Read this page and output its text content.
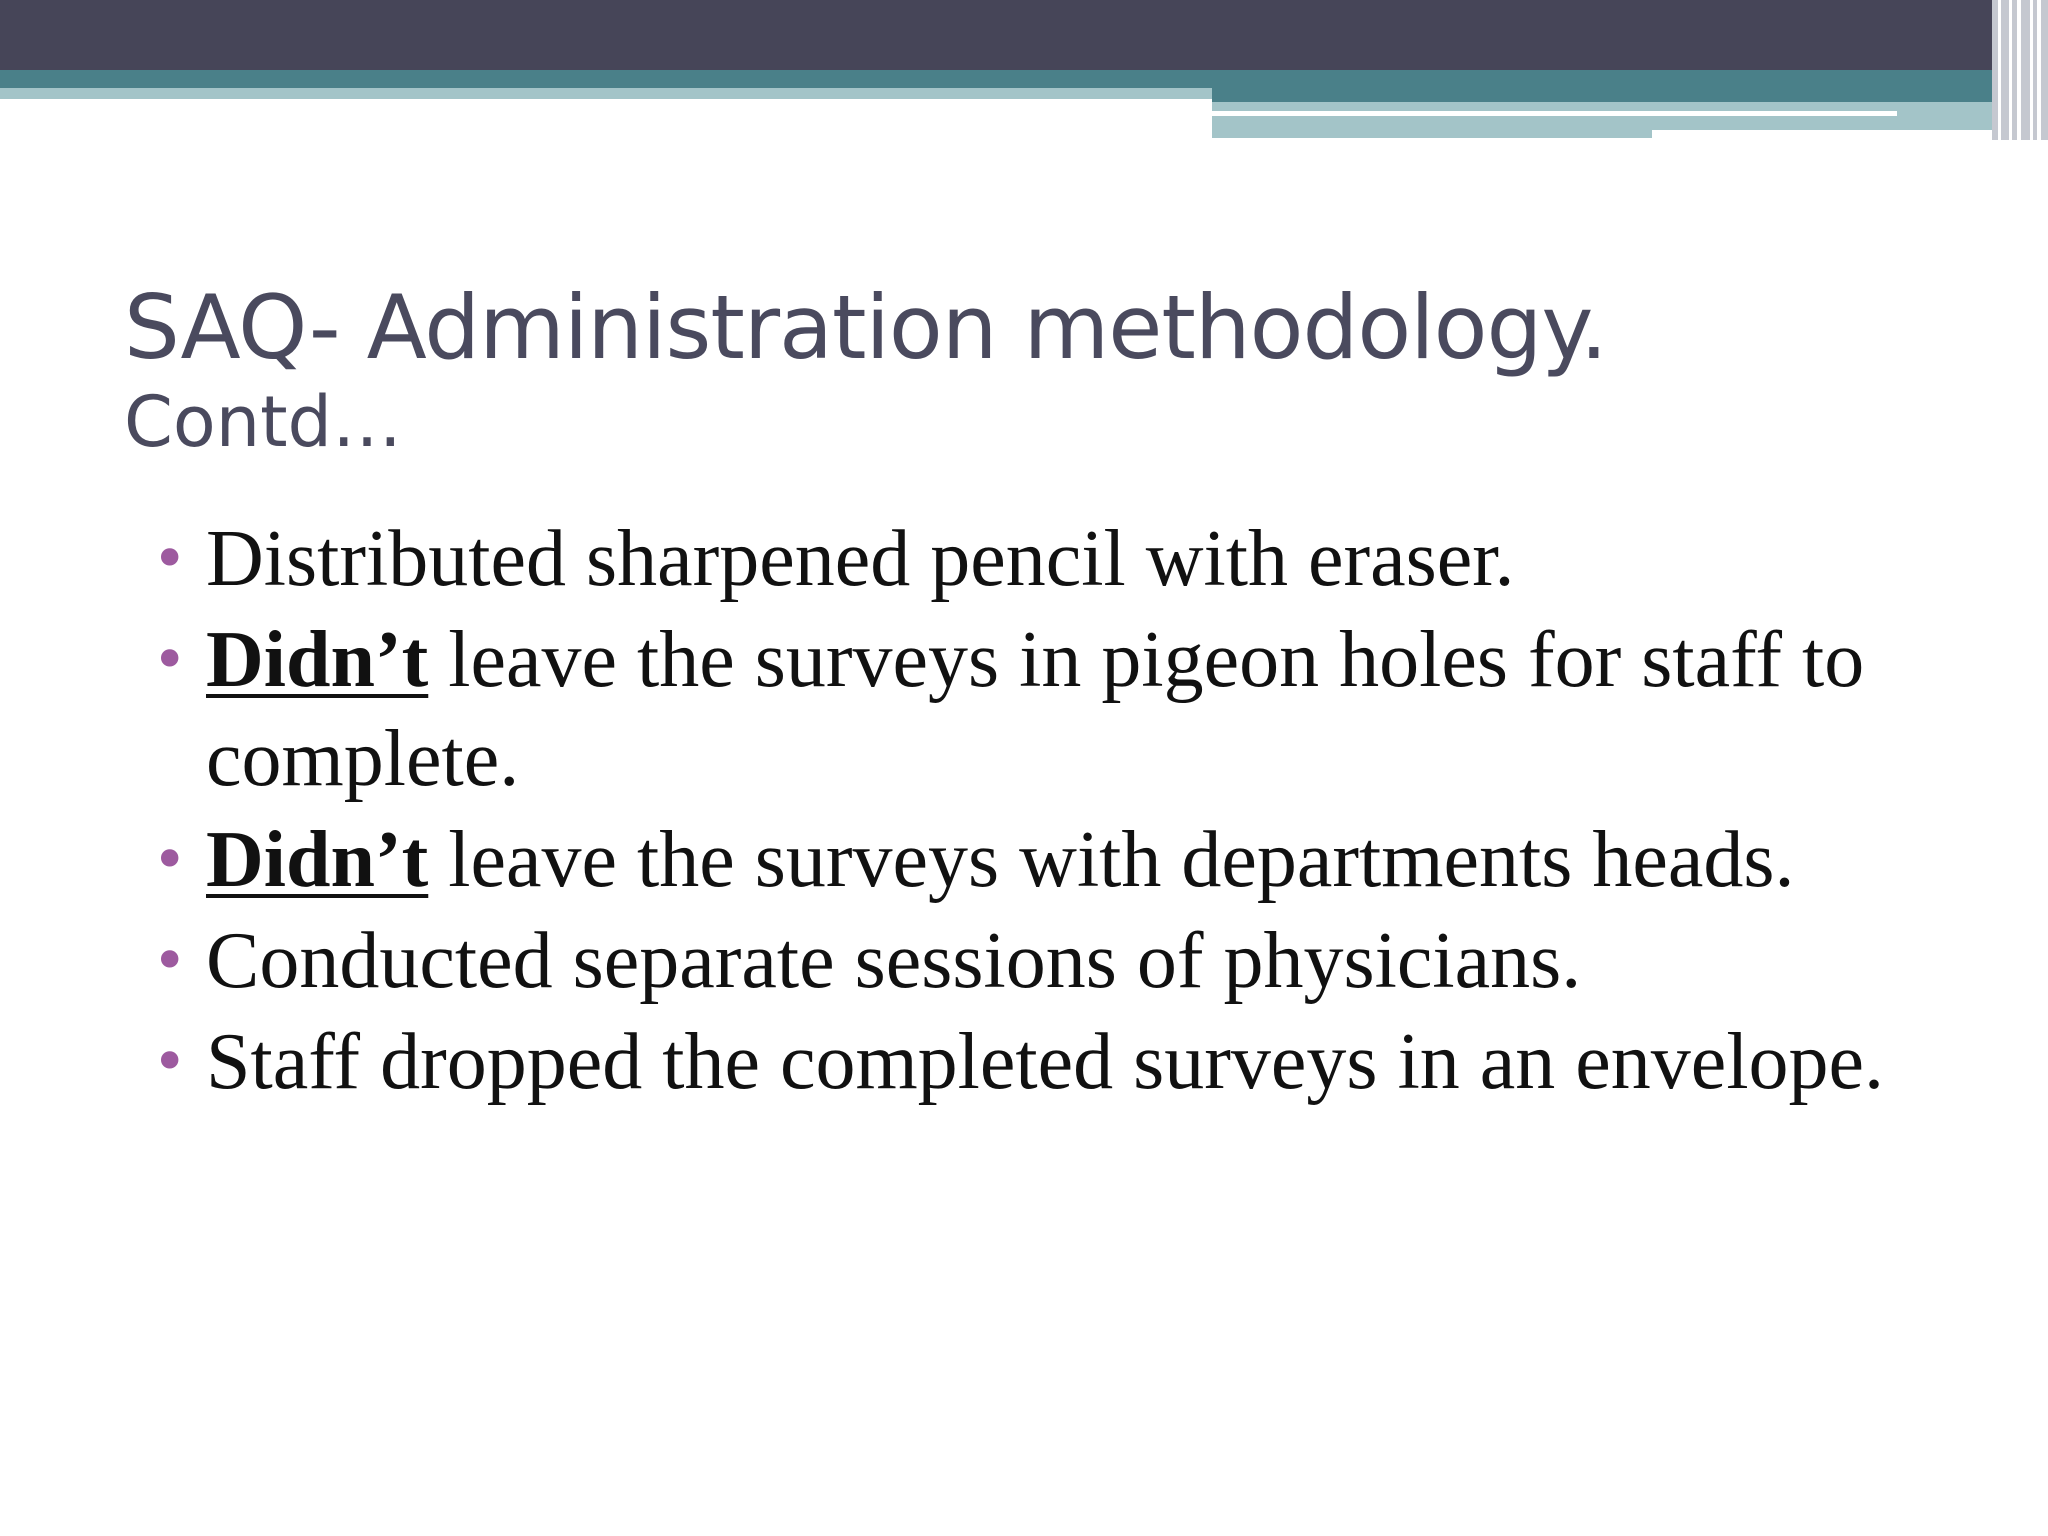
SAQ- Administration methodology.
Contd…
• Distributed sharpened pencil with eraser.
• Didn’t leave the surveys in pigeon holes for staff to complete.
• Didn’t leave the surveys with departments heads.
• Conducted separate sessions of physicians.
• Staff dropped the completed surveys in an envelope.
